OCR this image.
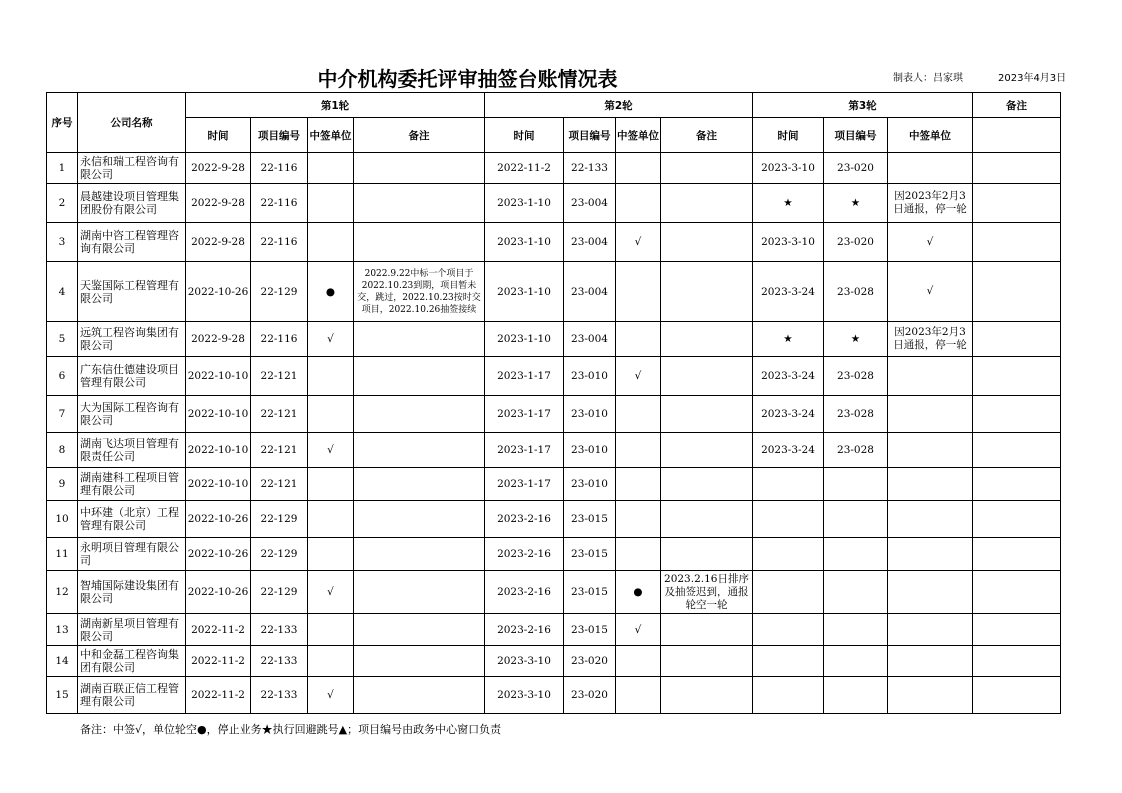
中介机构委托评审抽签台账情况表	制表人：吕家琪	2023年4月3日
序号	公司名称	第1轮				第2轮				第3轮			备注
		时间	项目编号	中签单位	备注	时间	项目编号	中签单位	备注	时间	项目编号	中签单位	
1	永信和瑞工程咨询有限公司	2022-9-28	22-116			2022-11-2	22-133			2023-3-10	23-020		
2	晨越建设项目管理集团股份有限公司	2022-9-28	22-116			2023-1-10	23-004			★	★	因2023年2月3日通报，停一轮	
3	湖南中咨工程管理咨询有限公司	2022-9-28	22-116			2023-1-10	23-004	√		2023-3-10	23-020	√	
4	天鉴国际工程管理有限公司	2022-10-26	22-129	●	2022.9.22中标一个项目于2022.10.23到期，项目暂未交，跳过，2022.10.23按时交项目，2022.10.26抽签接续	2023-1-10	23-004			2023-3-24	23-028	√	
5	远筑工程咨询集团有限公司	2022-9-28	22-116	√		2023-1-10	23-004			★	★	因2023年2月3日通报，停一轮	
6	广东信仕德建设项目管理有限公司	2022-10-10	22-121			2023-1-17	23-010	√		2023-3-24	23-028		
7	大为国际工程咨询有限公司	2022-10-10	22-121			2023-1-17	23-010			2023-3-24	23-028		
8	湖南飞达项目管理有限责任公司	2022-10-10	22-121	√		2023-1-17	23-010			2023-3-24	23-028		
9	湖南建科工程项目管理有限公司	2022-10-10	22-121			2023-1-17	23-010						
10	中环建（北京）工程管理有限公司	2022-10-26	22-129			2023-2-16	23-015						
11	永明项目管理有限公司	2022-10-26	22-129			2023-2-16	23-015						
12	智埔国际建设集团有限公司	2022-10-26	22-129	√		2023-2-16	23-015	●	2023.2.16日排序及抽签迟到，通报轮空一轮				
13	湖南新星项目管理有限公司	2022-11-2	22-133			2023-2-16	23-015	√					
14	中和金磊工程咨询集团有限公司	2022-11-2	22-133			2023-3-10	23-020						
15	湖南百联正信工程管理有限公司	2022-11-2	22-133	√		2023-3-10	23-020						
备注：中签√，单位轮空●，停止业务★执行回避跳号▲；项目编号由政务中心窗口负责
